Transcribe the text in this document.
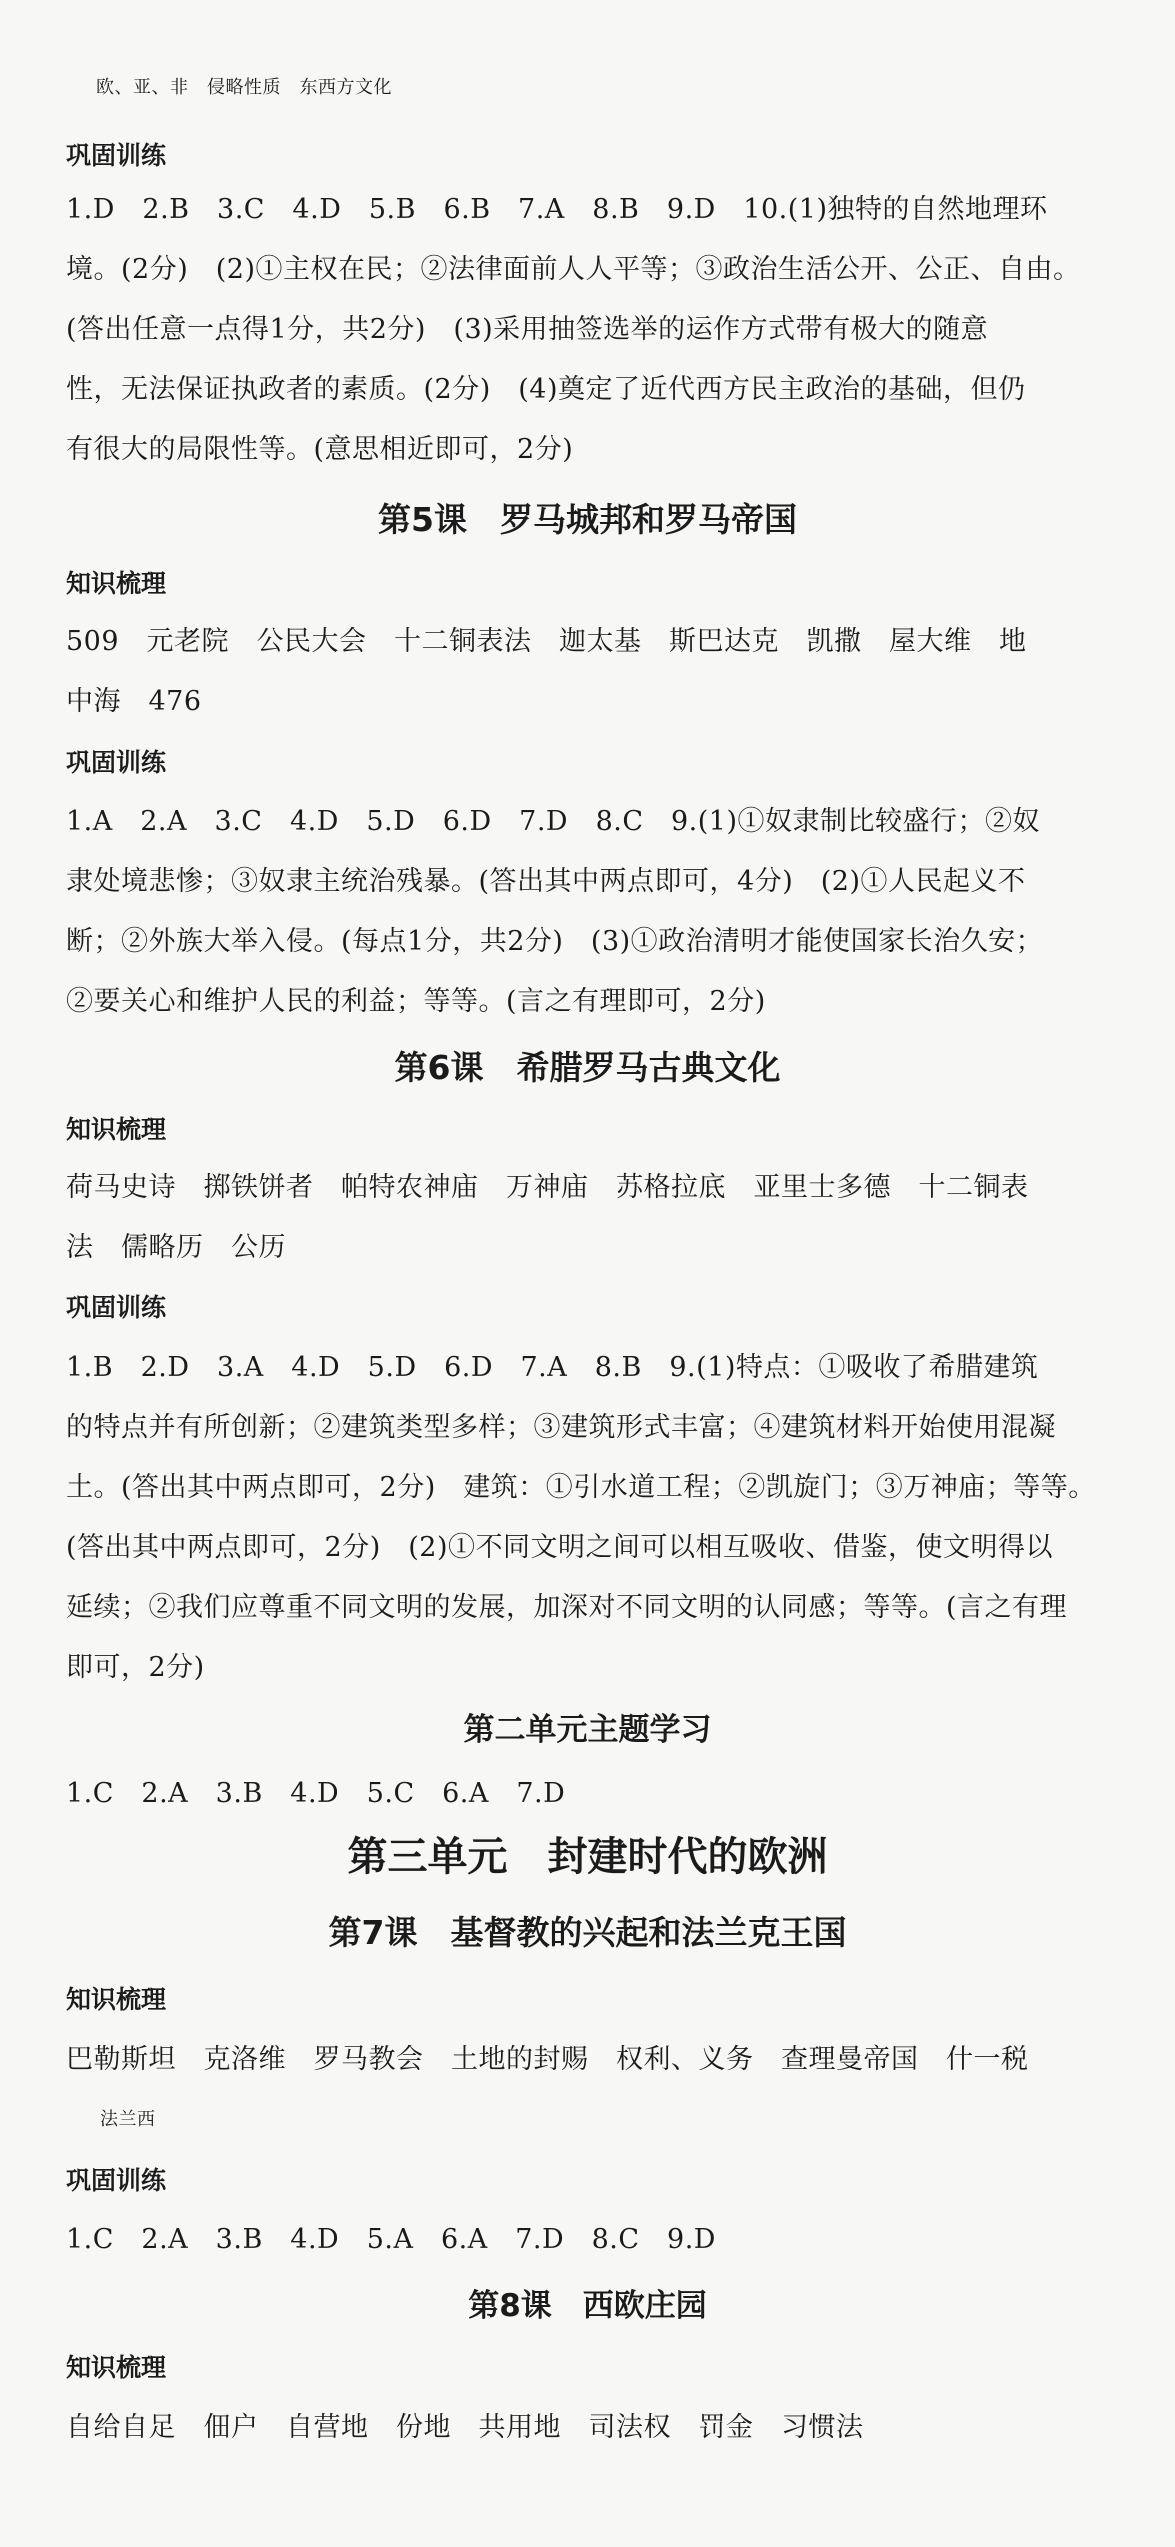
欧、亚、非　侵略性质　东西方文化
巩固训练
1.D　2.B　3.C　4.D　5.B　6.B　7.A　8.B　9.D　10.(1)独特的自然地理环
境。(2分)　(2)①主权在民；②法律面前人人平等；③政治生活公开、公正、自由。
(答出任意一点得1分，共2分)　(3)采用抽签选举的运作方式带有极大的随意
性，无法保证执政者的素质。(2分)　(4)奠定了近代西方民主政治的基础，但仍
有很大的局限性等。(意思相近即可，2分)
第5课　罗马城邦和罗马帝国
知识梳理
509　元老院　公民大会　十二铜表法　迦太基　斯巴达克　凯撒　屋大维　地
中海　476
巩固训练
1.A　2.A　3.C　4.D　5.D　6.D　7.D　8.C　9.(1)①奴隶制比较盛行；②奴
隶处境悲惨；③奴隶主统治残暴。(答出其中两点即可，4分)　(2)①人民起义不
断；②外族大举入侵。(每点1分，共2分)　(3)①政治清明才能使国家长治久安；
②要关心和维护人民的利益；等等。(言之有理即可，2分)
第6课　希腊罗马古典文化
知识梳理
荷马史诗　掷铁饼者　帕特农神庙　万神庙　苏格拉底　亚里士多德　十二铜表
法　儒略历　公历
巩固训练
1.B　2.D　3.A　4.D　5.D　6.D　7.A　8.B　9.(1)特点：①吸收了希腊建筑
的特点并有所创新；②建筑类型多样；③建筑形式丰富；④建筑材料开始使用混凝
土。(答出其中两点即可，2分)　建筑：①引水道工程；②凯旋门；③万神庙；等等。
(答出其中两点即可，2分)　(2)①不同文明之间可以相互吸收、借鉴，使文明得以
延续；②我们应尊重不同文明的发展，加深对不同文明的认同感；等等。(言之有理
即可，2分)
第二单元主题学习
1.C　2.A　3.B　4.D　5.C　6.A　7.D
第三单元　封建时代的欧洲
第7课　基督教的兴起和法兰克王国
知识梳理
巴勒斯坦　克洛维　罗马教会　土地的封赐　权利、义务　查理曼帝国　什一税
法兰西
巩固训练
1.C　2.A　3.B　4.D　5.A　6.A　7.D　8.C　9.D
第8课　西欧庄园
知识梳理
自给自足　佃户　自营地　份地　共用地　司法权　罚金　习惯法
